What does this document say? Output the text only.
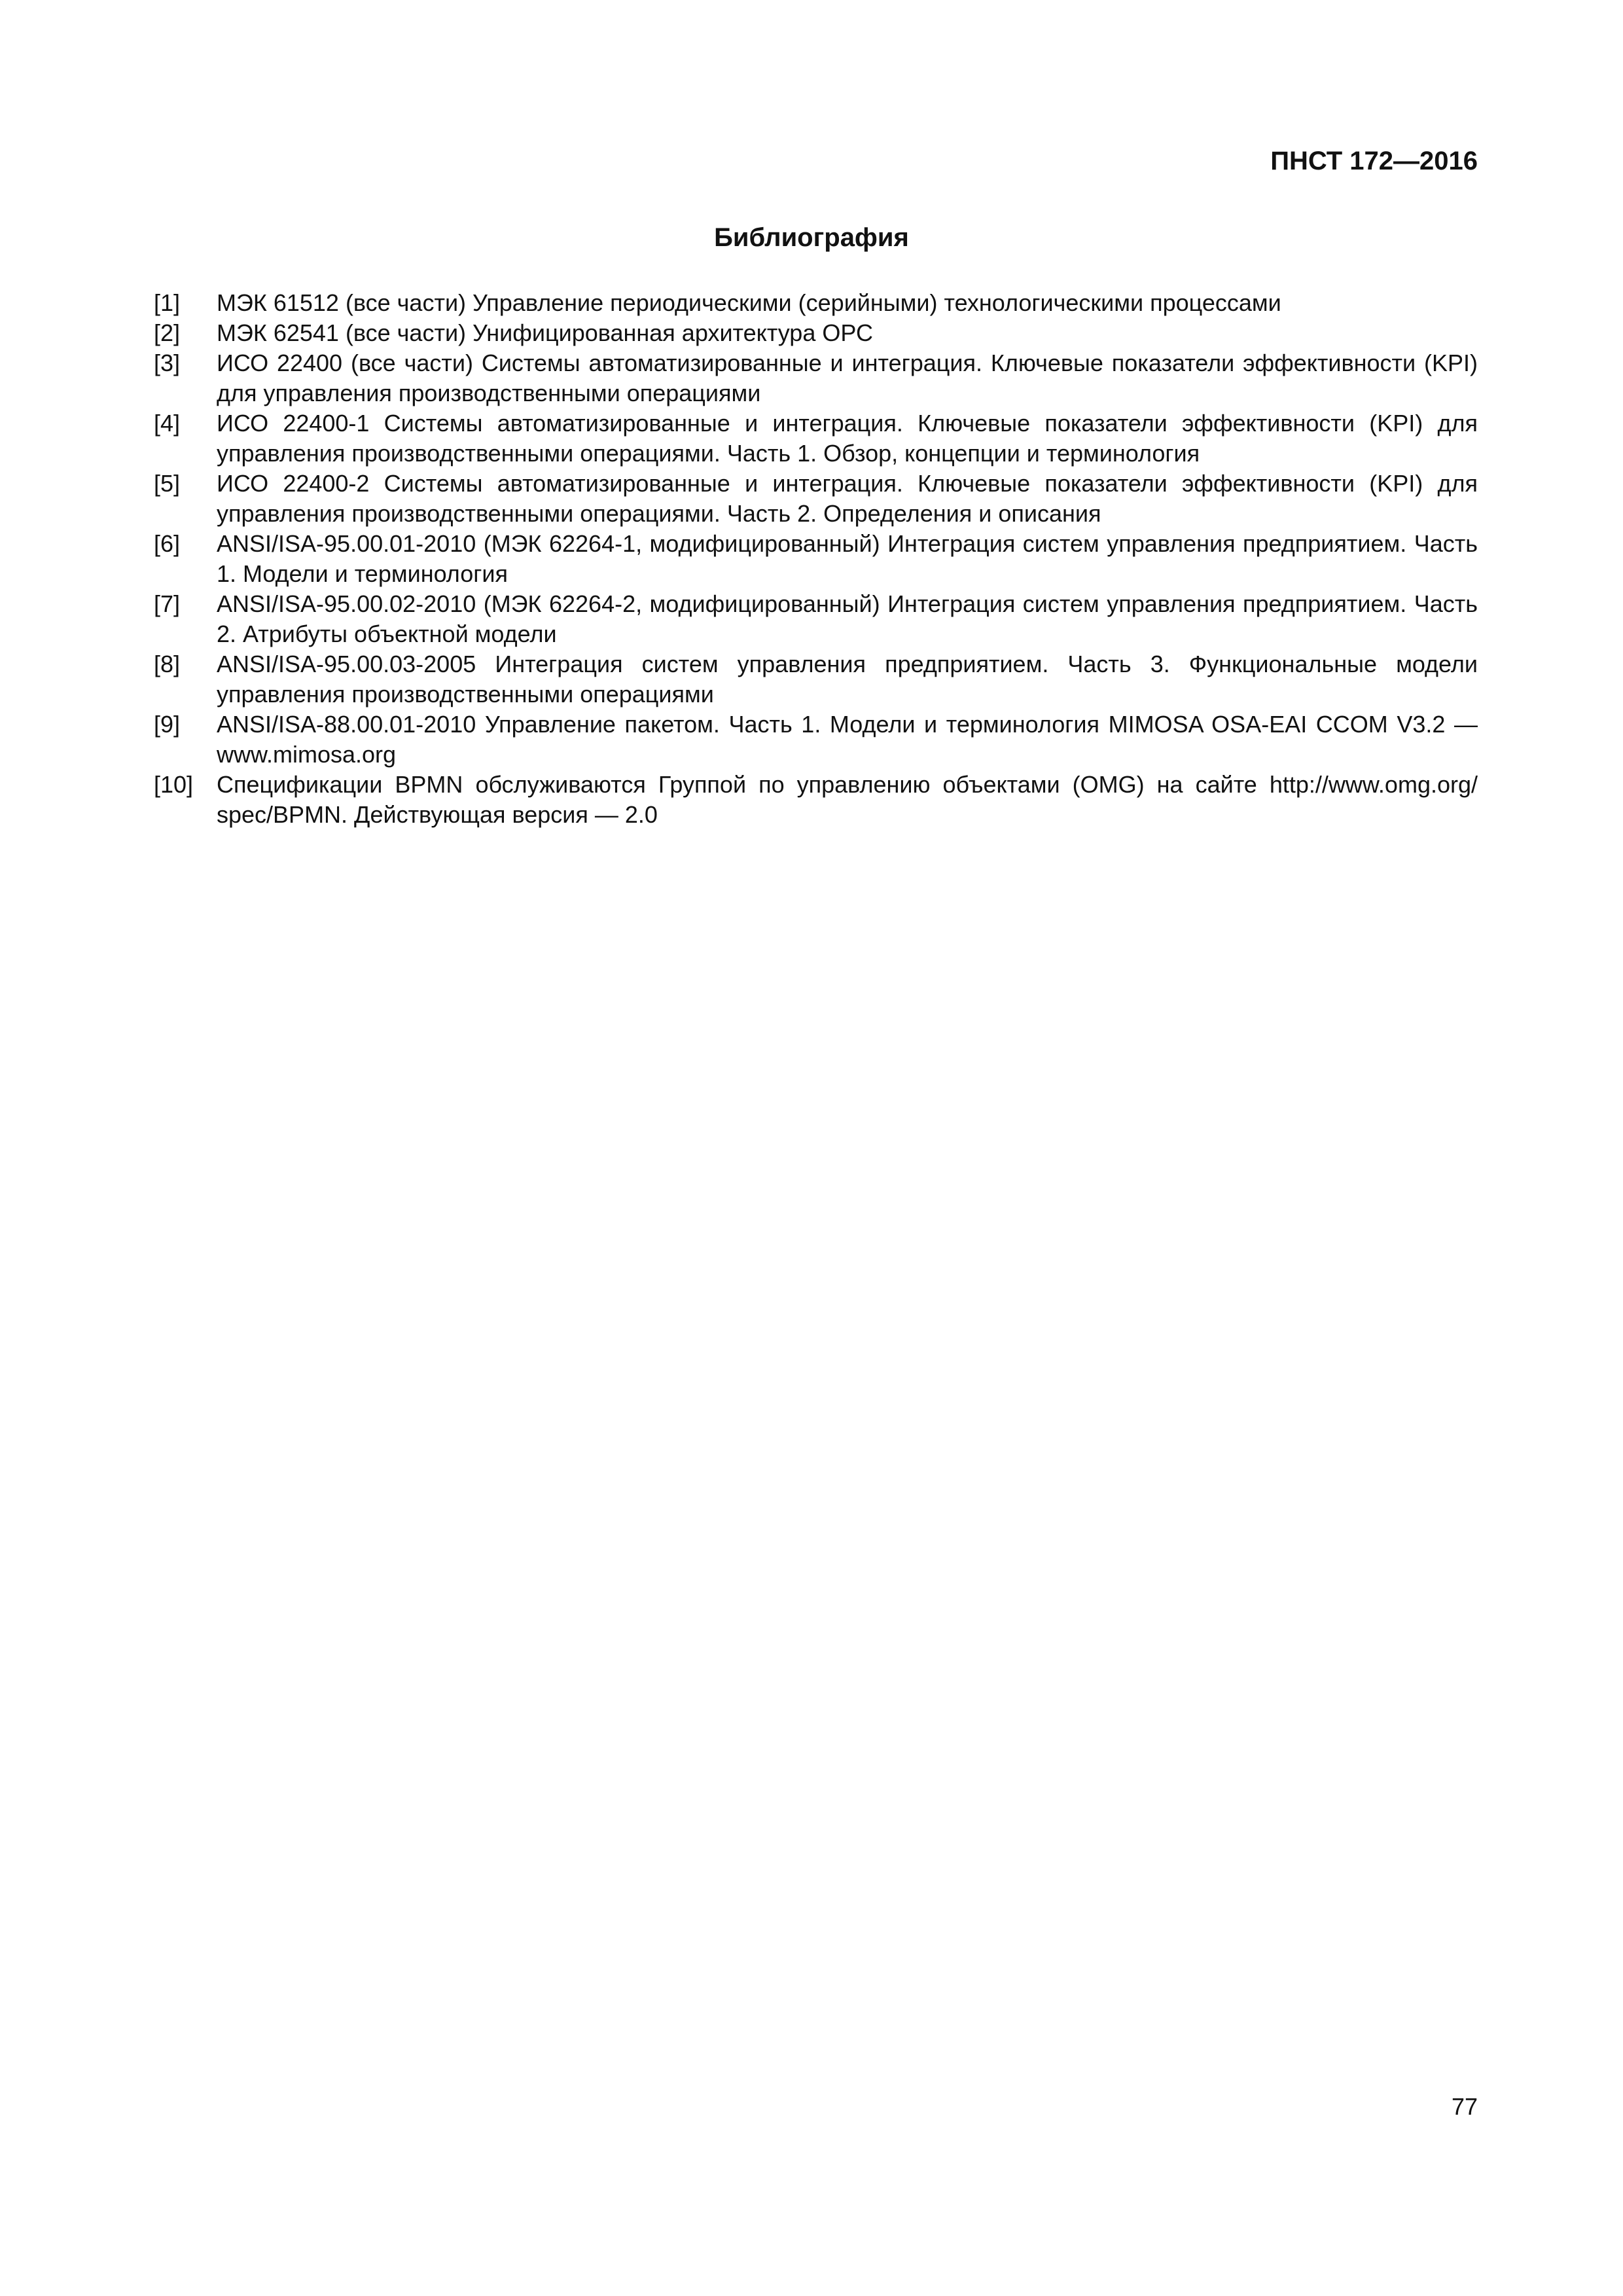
ПНСТ 172—2016

Библиография
[1]	МЭК 61512 (все части) Управление периодическими (серийными) технологическими процессами
[2]	МЭК 62541 (все части) Унифицированная архитектура ОРС
[3]	ИСО 22400 (все части) Системы автоматизированные и интеграция. Ключевые показатели эффективности (KPI) для управления производственными операциями
[4]	ИСО 22400-1 Системы автоматизированные и интеграция. Ключевые показатели эффективности (KPI) для управления производственными операциями. Часть 1. Обзор, концепции и терминология
[5]	ИСО 22400-2 Системы автоматизированные и интеграция. Ключевые показатели эффективности (KPI) для управления производственными операциями. Часть 2. Определения и описания
[6]	ANSI/ISA-95.00.01-2010 (МЭК 62264-1, модифицированный) Интеграция систем управления предприятием. Часть 1. Модели и терминология
[7]	ANSI/ISA-95.00.02-2010 (МЭК 62264-2, модифицированный) Интеграция систем управления предприятием. Часть 2. Атрибуты объектной модели
[8]	ANSI/ISA-95.00.03-2005 Интеграция систем управления предприятием. Часть 3. Функциональные модели управления производственными операциями
[9]	ANSI/ISA-88.00.01-2010 Управление пакетом. Часть 1. Модели и терминология MIMOSA OSA-EAI CCOM V3.2 — www.mimosa.org
[10] Спецификации BPMN обслуживаются Группой по управлению объектами (OMG) на сайте http://www.omg.org/ spec/BPMN. Действующая версия — 2.0

77
